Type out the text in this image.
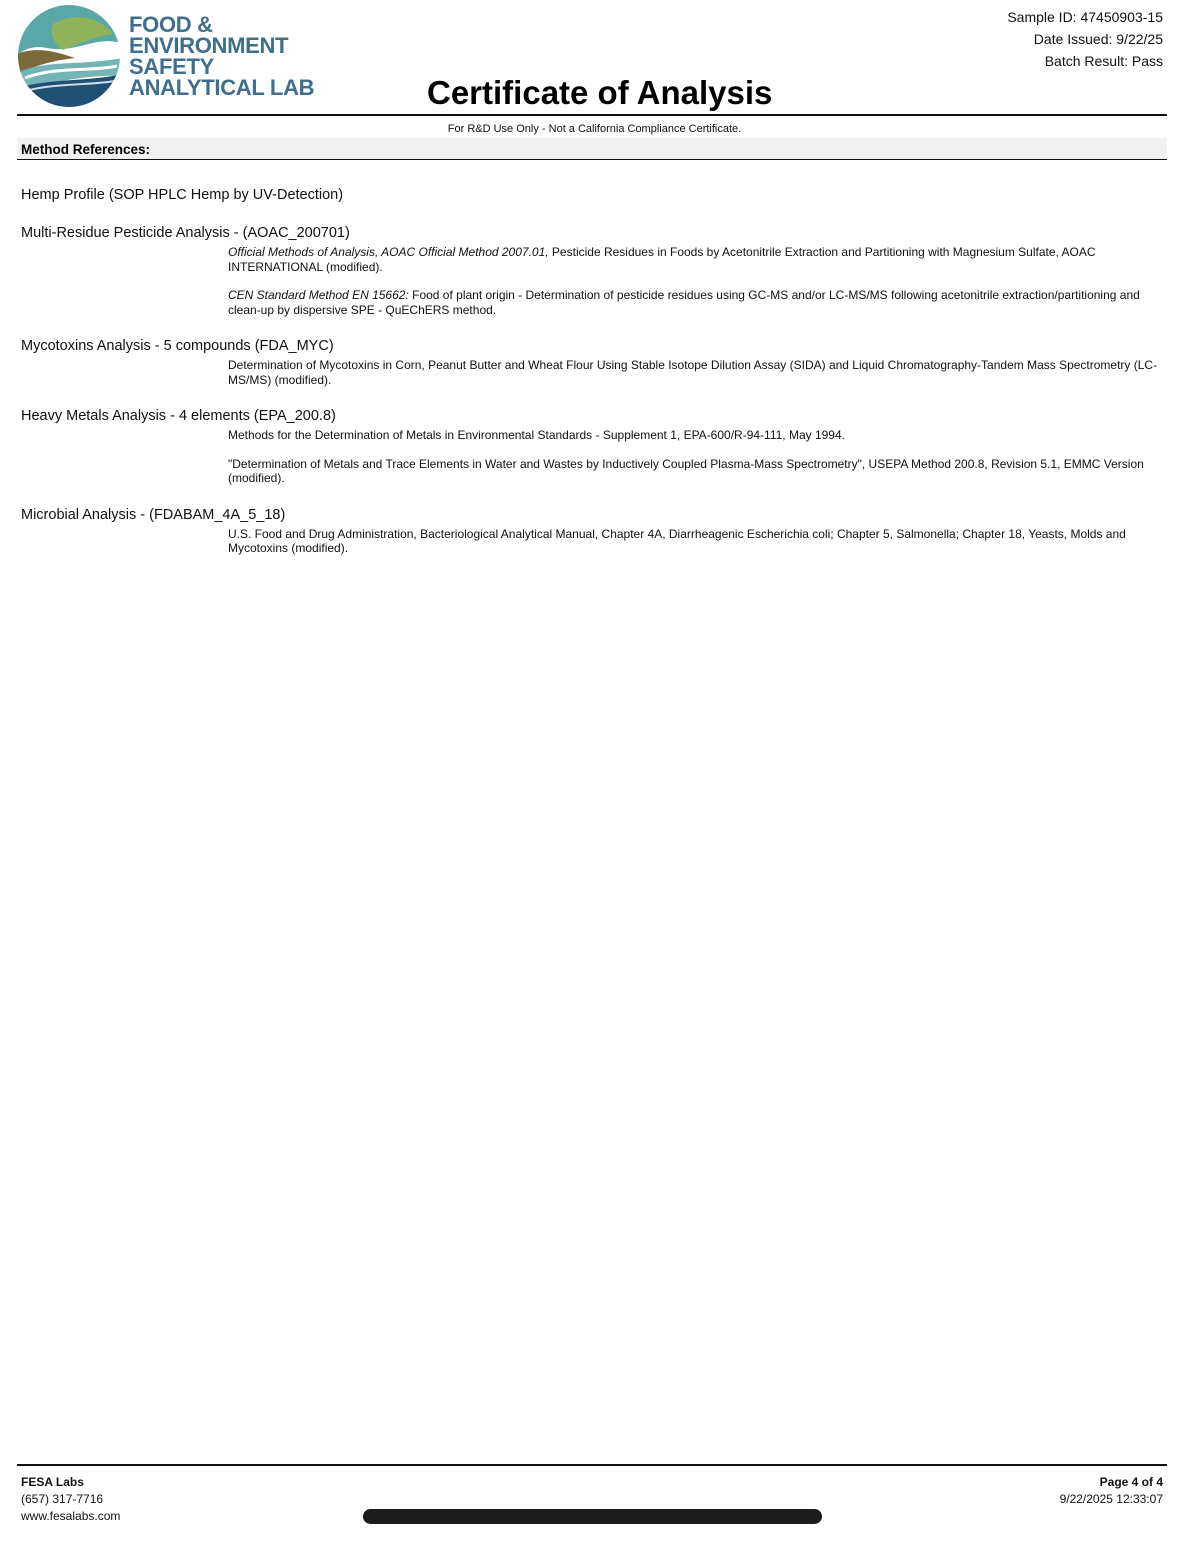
FOOD &
ENVIRONMENT
SAFETY
ANALYTICAL LAB	Certificate of Analysis
Sample ID: 47450903-15
Date Issued: 9/22/25
Batch Result: Pass
For R&D Use Only - Not a California Compliance Certificate.
Method References:
Hemp Profile (SOP HPLC Hemp by UV-Detection)
Multi-Residue Pesticide Analysis - (AOAC_200701)
Official Methods of Analysis, AOAC Official Method 2007.01, Pesticide Residues in Foods by Acetonitrile Extraction and Partitioning with Magnesium Sulfate, AOAC INTERNATIONAL (modified).
CEN Standard Method EN 15662: Food of plant origin - Determination of pesticide residues using GC-MS and/or LC-MS/MS following acetonitrile extraction/partitioning and clean-up by dispersive SPE - QuEChERS method.
Mycotoxins Analysis - 5 compounds (FDA_MYC)
Determination of Mycotoxins in Corn, Peanut Butter and Wheat Flour Using Stable Isotope Dilution Assay (SIDA) and Liquid Chromatography-Tandem Mass Spectrometry (LC-MS/MS) (modified).
Heavy Metals Analysis - 4 elements (EPA_200.8)
Methods for the Determination of Metals in Environmental Standards - Supplement 1, EPA-600/R-94-111, May 1994.
"Determination of Metals and Trace Elements in Water and Wastes by Inductively Coupled Plasma-Mass Spectrometry", USEPA Method 200.8, Revision 5.1, EMMC Version (modified).
Microbial Analysis - (FDABAM_4A_5_18)
U.S. Food and Drug Administration, Bacteriological Analytical Manual, Chapter 4A, Diarrheagenic Escherichia coli; Chapter 5, Salmonella; Chapter 18, Yeasts, Molds and Mycotoxins (modified).
FESA Labs
(657) 317-7716
www.fesalabs.com
Page 4 of 4
9/22/2025 12:33:07
